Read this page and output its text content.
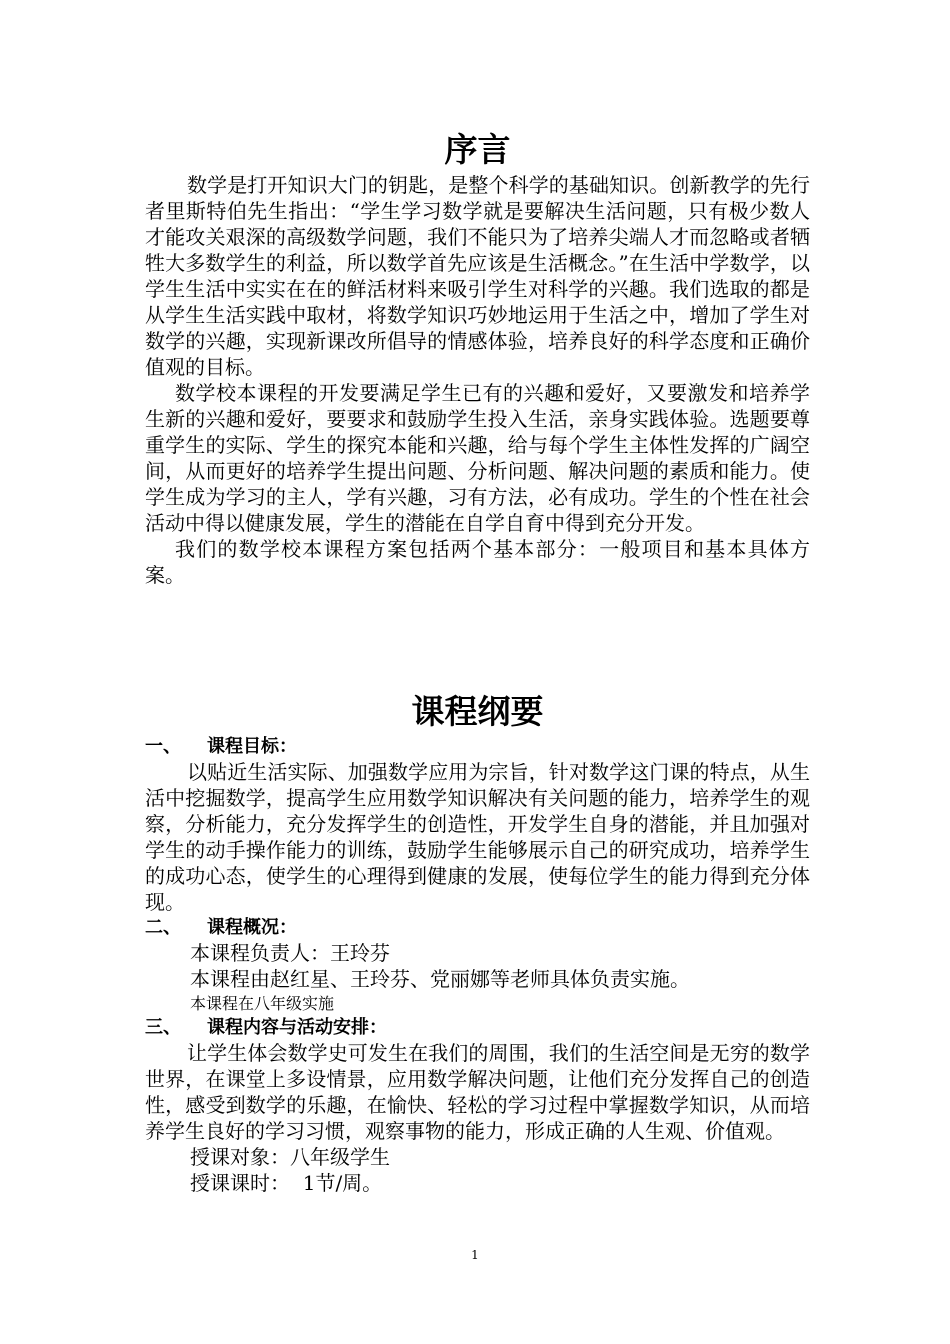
序言

数学是打开知识大门的钥匙，是整个科学的基础知识。创新教学的先行者里斯特伯先生指出：“学生学习数学就是要解决生活问题，只有极少数人才能攻关艰深的高级数学问题，我们不能只为了培养尖端人才而忽略或者牺牲大多数学生的利益，所以数学首先应该是生活概念。”在生活中学数学，以学生生活中实实在在的鲜活材料来吸引学生对科学的兴趣。我们选取的都是从学生生活实践中取材，将数学知识巧妙地运用于生活之中，增加了学生对数学的兴趣，实现新课改所倡导的情感体验，培养良好的科学态度和正确价值观的目标。

数学校本课程的开发要满足学生已有的兴趣和爱好，又要激发和培养学生新的兴趣和爱好，要要求和鼓励学生投入生活，亲身实践体验。选题要尊重学生的实际、学生的探究本能和兴趣，给与每个学生主体性发挥的广阔空间，从而更好的培养学生提出问题、分析问题、解决问题的素质和能力。使学生成为学习的主人，学有兴趣，习有方法，必有成功。学生的个性在社会活动中得以健康发展，学生的潜能在自学自育中得到充分开发。

我们的数学校本课程方案包括两个基本部分：一般项目和基本具体方案。

课程纲要
一、	课程目标：

以贴近生活实际、加强数学应用为宗旨，针对数学这门课的特点，从生活中挖掘数学，提高学生应用数学知识解决有关问题的能力，培养学生的观察，分析能力，充分发挥学生的创造性，开发学生自身的潜能，并且加强对学生的动手操作能力的训练，鼓励学生能够展示自己的研究成功，培养学生的成功心态，使学生的心理得到健康的发展，使每位学生的能力得到充分体现。

二、	课程概况：
本课程负责人：王玲芬
本课程由赵红星、王玲芬、党丽娜等老师具体负责实施。
本课程在八年级实施
三、	课程内容与活动安排：

让学生体会数学史可发生在我们的周围，我们的生活空间是无穷的数学世界，在课堂上多设情景，应用数学解决问题，让他们充分发挥自己的创造性，感受到数学的乐趣，在愉快、轻松的学习过程中掌握数学知识，从而培养学生良好的学习习惯，观察事物的能力，形成正确的人生观、价值观。

授课对象：八年级学生
授课课时：  1节/周。
1
